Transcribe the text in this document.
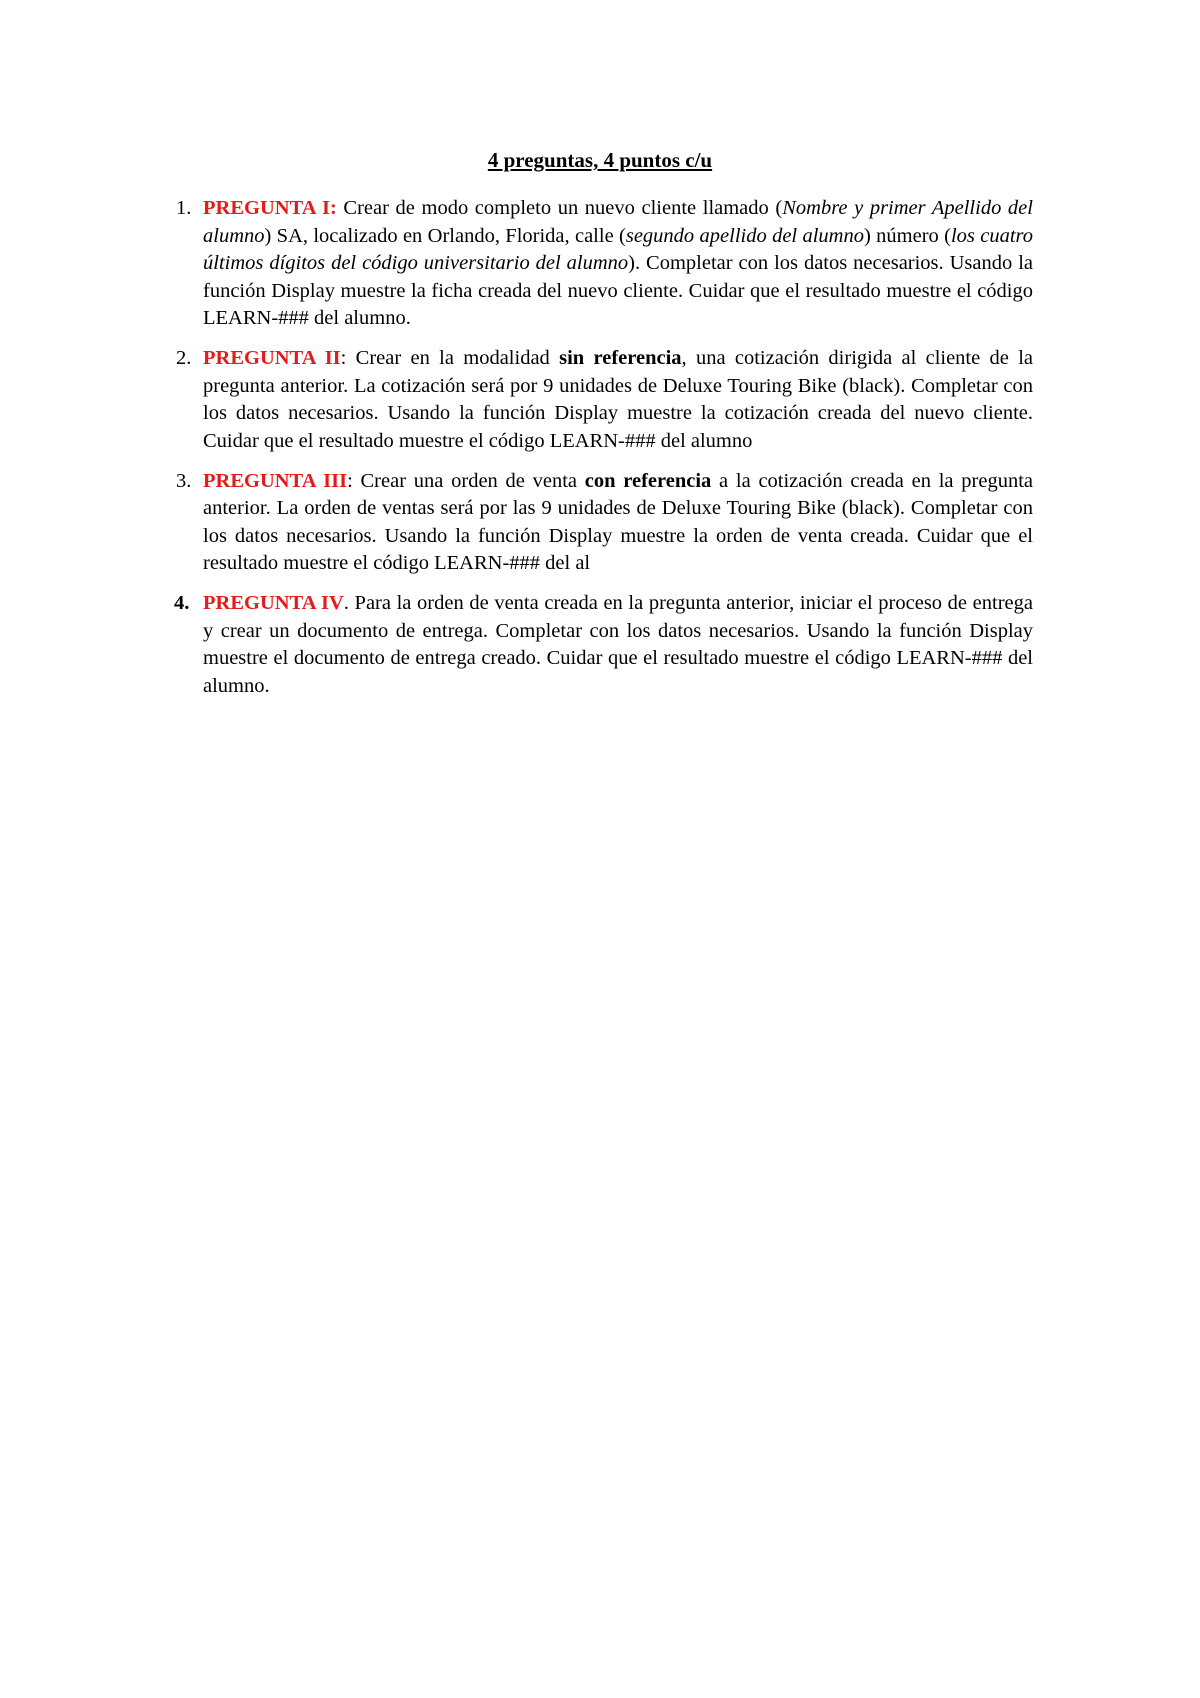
4 preguntas, 4 puntos c/u
1. PREGUNTA I: Crear de modo completo un nuevo cliente llamado (Nombre y primer Apellido del alumno) SA, localizado en Orlando, Florida, calle (segundo apellido del alumno) número (los cuatro últimos dígitos del código universitario del alumno). Completar con los datos necesarios. Usando la función Display muestre la ficha creada del nuevo cliente. Cuidar que el resultado muestre el código LEARN-### del alumno.
2. PREGUNTA II: Crear en la modalidad sin referencia, una cotización dirigida al cliente de la pregunta anterior. La cotización será por 9 unidades de Deluxe Touring Bike (black). Completar con los datos necesarios. Usando la función Display muestre la cotización creada del nuevo cliente. Cuidar que el resultado muestre el código LEARN-### del alumno
3. PREGUNTA III: Crear una orden de venta con referencia a la cotización creada en la pregunta anterior. La orden de ventas será por las 9 unidades de Deluxe Touring Bike (black). Completar con los datos necesarios. Usando la función Display muestre la orden de venta creada. Cuidar que el resultado muestre el código LEARN-### del al
4. PREGUNTA IV. Para la orden de venta creada en la pregunta anterior, iniciar el proceso de entrega y crear un documento de entrega. Completar con los datos necesarios. Usando la función Display muestre el documento de entrega creado. Cuidar que el resultado muestre el código LEARN-### del alumno.
